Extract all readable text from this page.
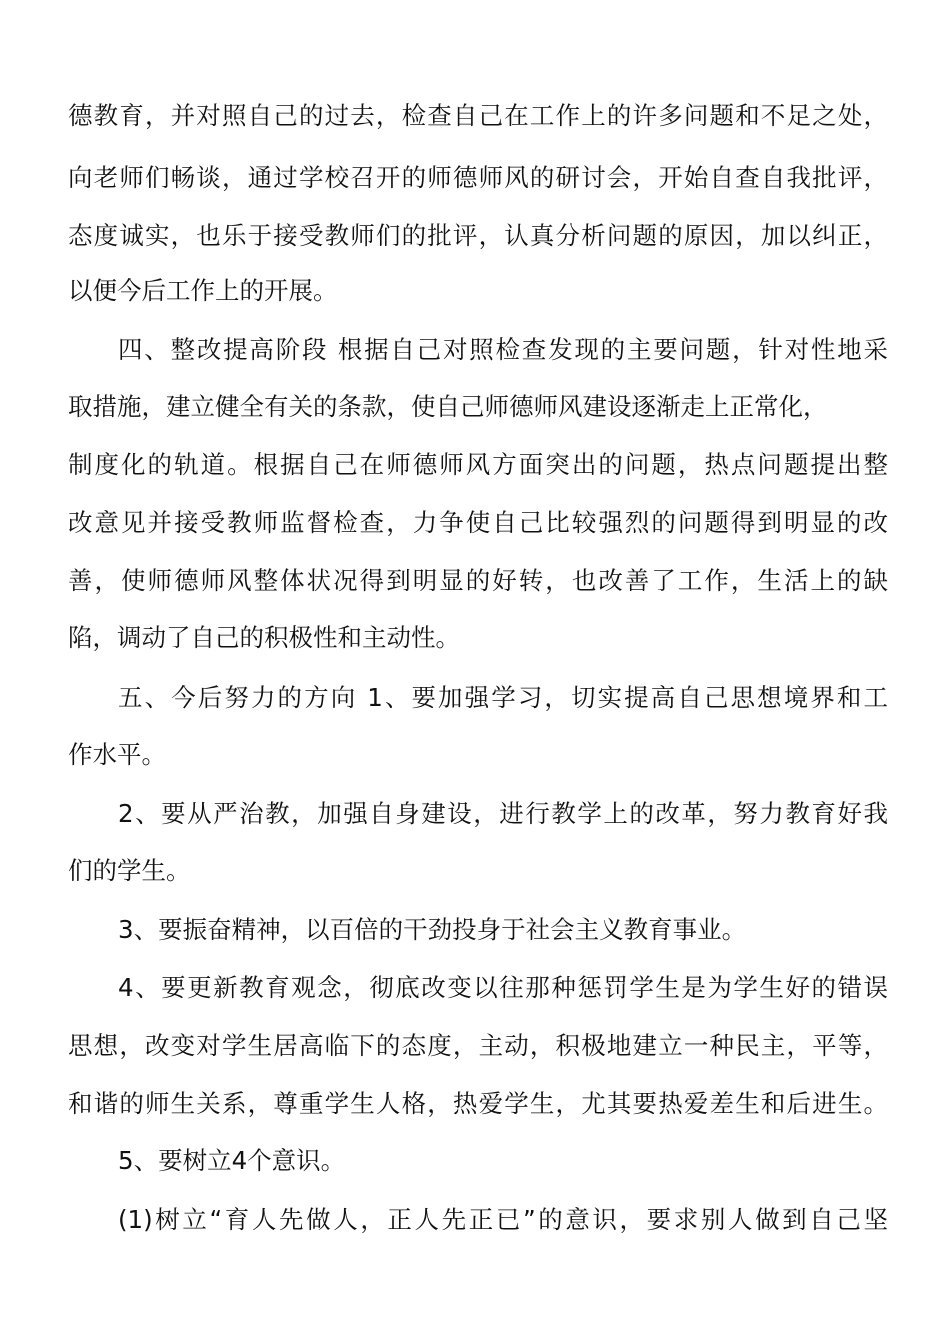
德教育，并对照自己的过去，检查自己在工作上的许多问题和不足之处，
向老师们畅谈，通过学校召开的师德师风的研讨会，开始自查自我批评，
态度诚实，也乐于接受教师们的批评，认真分析问题的原因，加以纠正，
以便今后工作上的开展。
四、整改提高阶段 根据自己对照检查发现的主要问题，针对性地采
取措施，建立健全有关的条款，使自己师德师风建设逐渐走上正常化，
制度化的轨道。根据自己在师德师风方面突出的问题，热点问题提出整
改意见并接受教师监督检查，力争使自己比较强烈的问题得到明显的改
善，使师德师风整体状况得到明显的好转，也改善了工作，生活上的缺
陷，调动了自己的积极性和主动性。
五、今后努力的方向 1、要加强学习，切实提高自己思想境界和工
作水平。
2、要从严治教，加强自身建设，进行教学上的改革，努力教育好我
们的学生。
3、要振奋精神，以百倍的干劲投身于社会主义教育事业。
4、要更新教育观念，彻底改变以往那种惩罚学生是为学生好的错误
思想，改变对学生居高临下的态度，主动，积极地建立一种民主，平等，
和谐的师生关系，尊重学生人格，热爱学生，尤其要热爱差生和后进生。
5、要树立4个意识。
(1)树立“育人先做人，正人先正已”的意识，要求别人做到自己坚
